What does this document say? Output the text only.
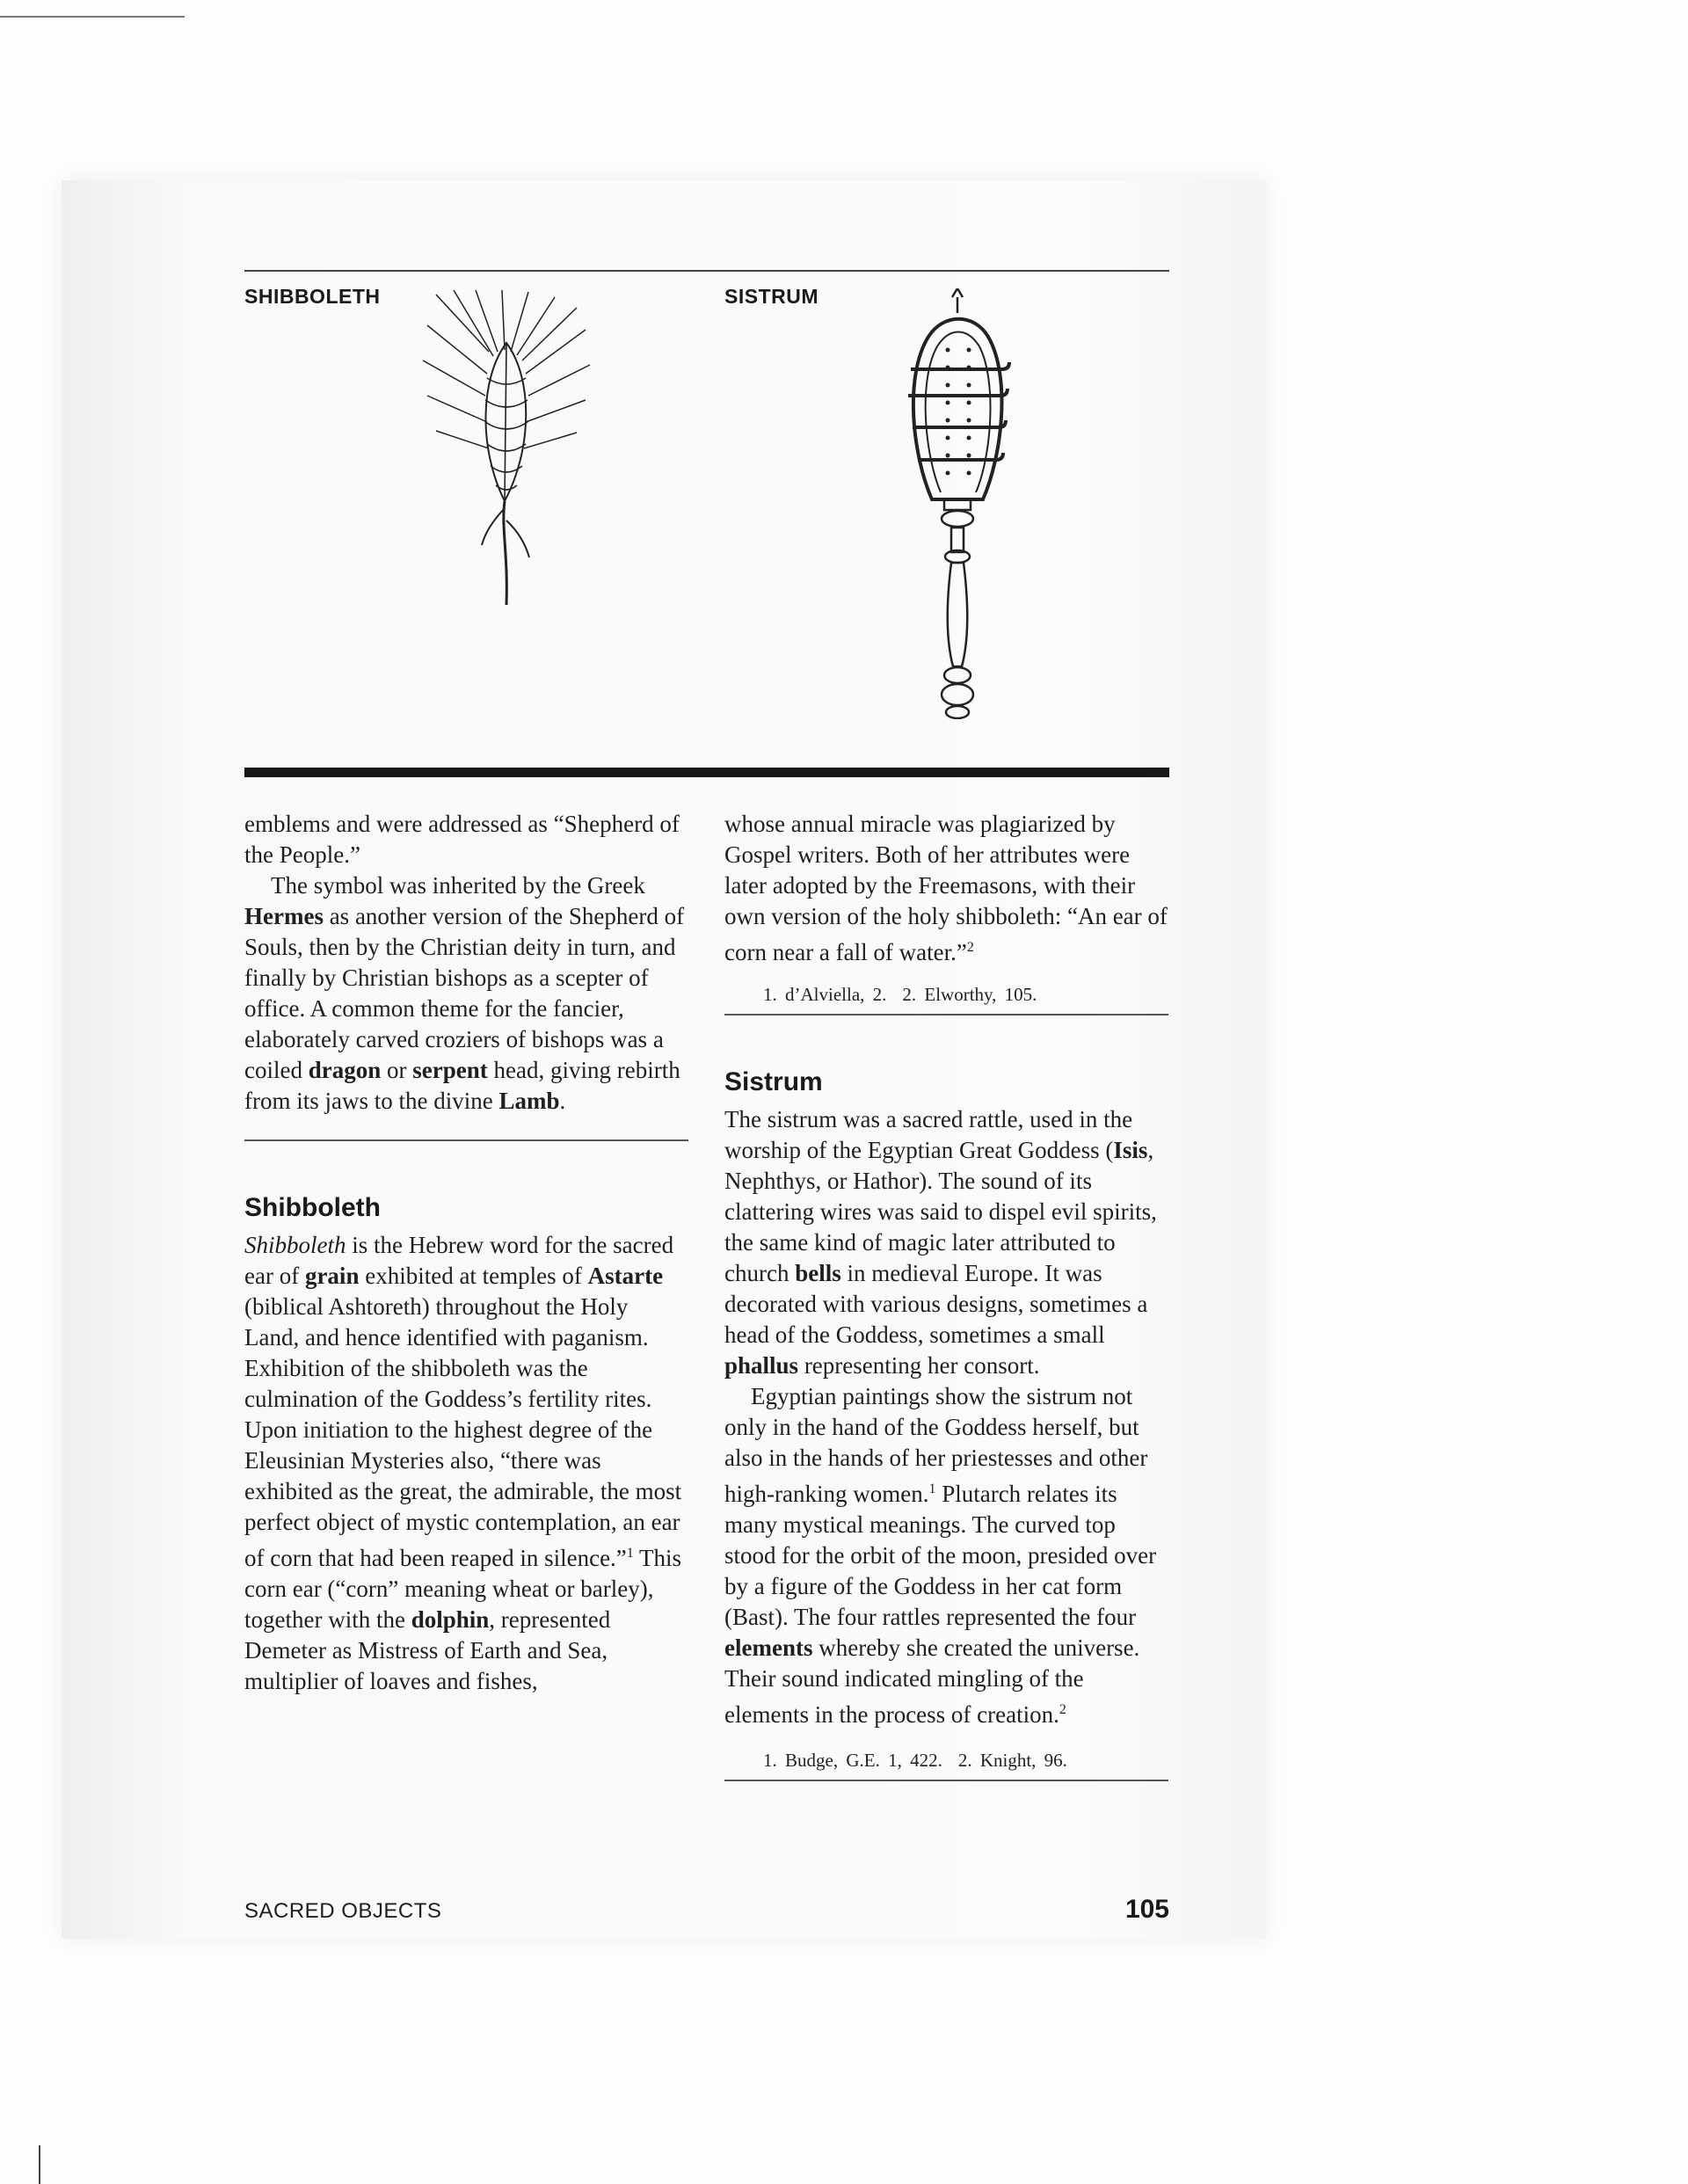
SHIBBOLETH	SISTRUM

emblems and were addressed as “Shepherd of the People.”

The symbol was inherited by the Greek Hermes as another version of the Shepherd of Souls, then by the Christian deity in turn, and finally by Christian bishops as a scepter of office. A common theme for the fancier, elaborately carved croziers of bishops was a coiled dragon or serpent head, giving rebirth from its jaws to the divine Lamb.

Shibboleth

Shibboleth is the Hebrew word for the sacred ear of grain exhibited at temples of Astarte (biblical Ashtoreth) throughout the Holy Land, and hence identified with paganism. Exhibition of the shibboleth was the culmination of the Goddess’s fertility rites. Upon initiation to the highest degree of the Eleusinian Mysteries also, “there was exhibited as the great, the admirable, the most perfect object of mystic contemplation, an ear of corn that had been reaped in silence.”$^1$ This corn ear (“corn” meaning wheat or barley), together with the dolphin, represented Demeter as Mistress of Earth and Sea, multiplier of loaves and fishes,

whose annual miracle was plagiarized by Gospel writers. Both of her attributes were later adopted by the Freemasons, with their own version of the holy shibboleth: “An ear of corn near a fall of water.”$^2$

1. d’Alviella, 2. 2. Elworthy, 105.

Sistrum

The sistrum was a sacred rattle, used in the worship of the Egyptian Great Goddess (Isis, Nephthys, or Hathor). The sound of its clattering wires was said to dispel evil spirits, the same kind of magic later attributed to church bells in medieval Europe. It was decorated with various designs, sometimes a head of the Goddess, sometimes a small phallus representing her consort.

Egyptian paintings show the sistrum not only in the hand of the Goddess herself, but also in the hands of her priestesses and other high-ranking women.$^1$ Plutarch relates its many mystical meanings. The curved top stood for the orbit of the moon, presided over by a figure of the Goddess in her cat form (Bast). The four rattles represented the four elements whereby she created the universe. Their sound indicated mingling of the elements in the process of creation.$^2$

1. Budge, G.E. 1, 422. 2. Knight, 96.

SACRED OBJECTS	105
